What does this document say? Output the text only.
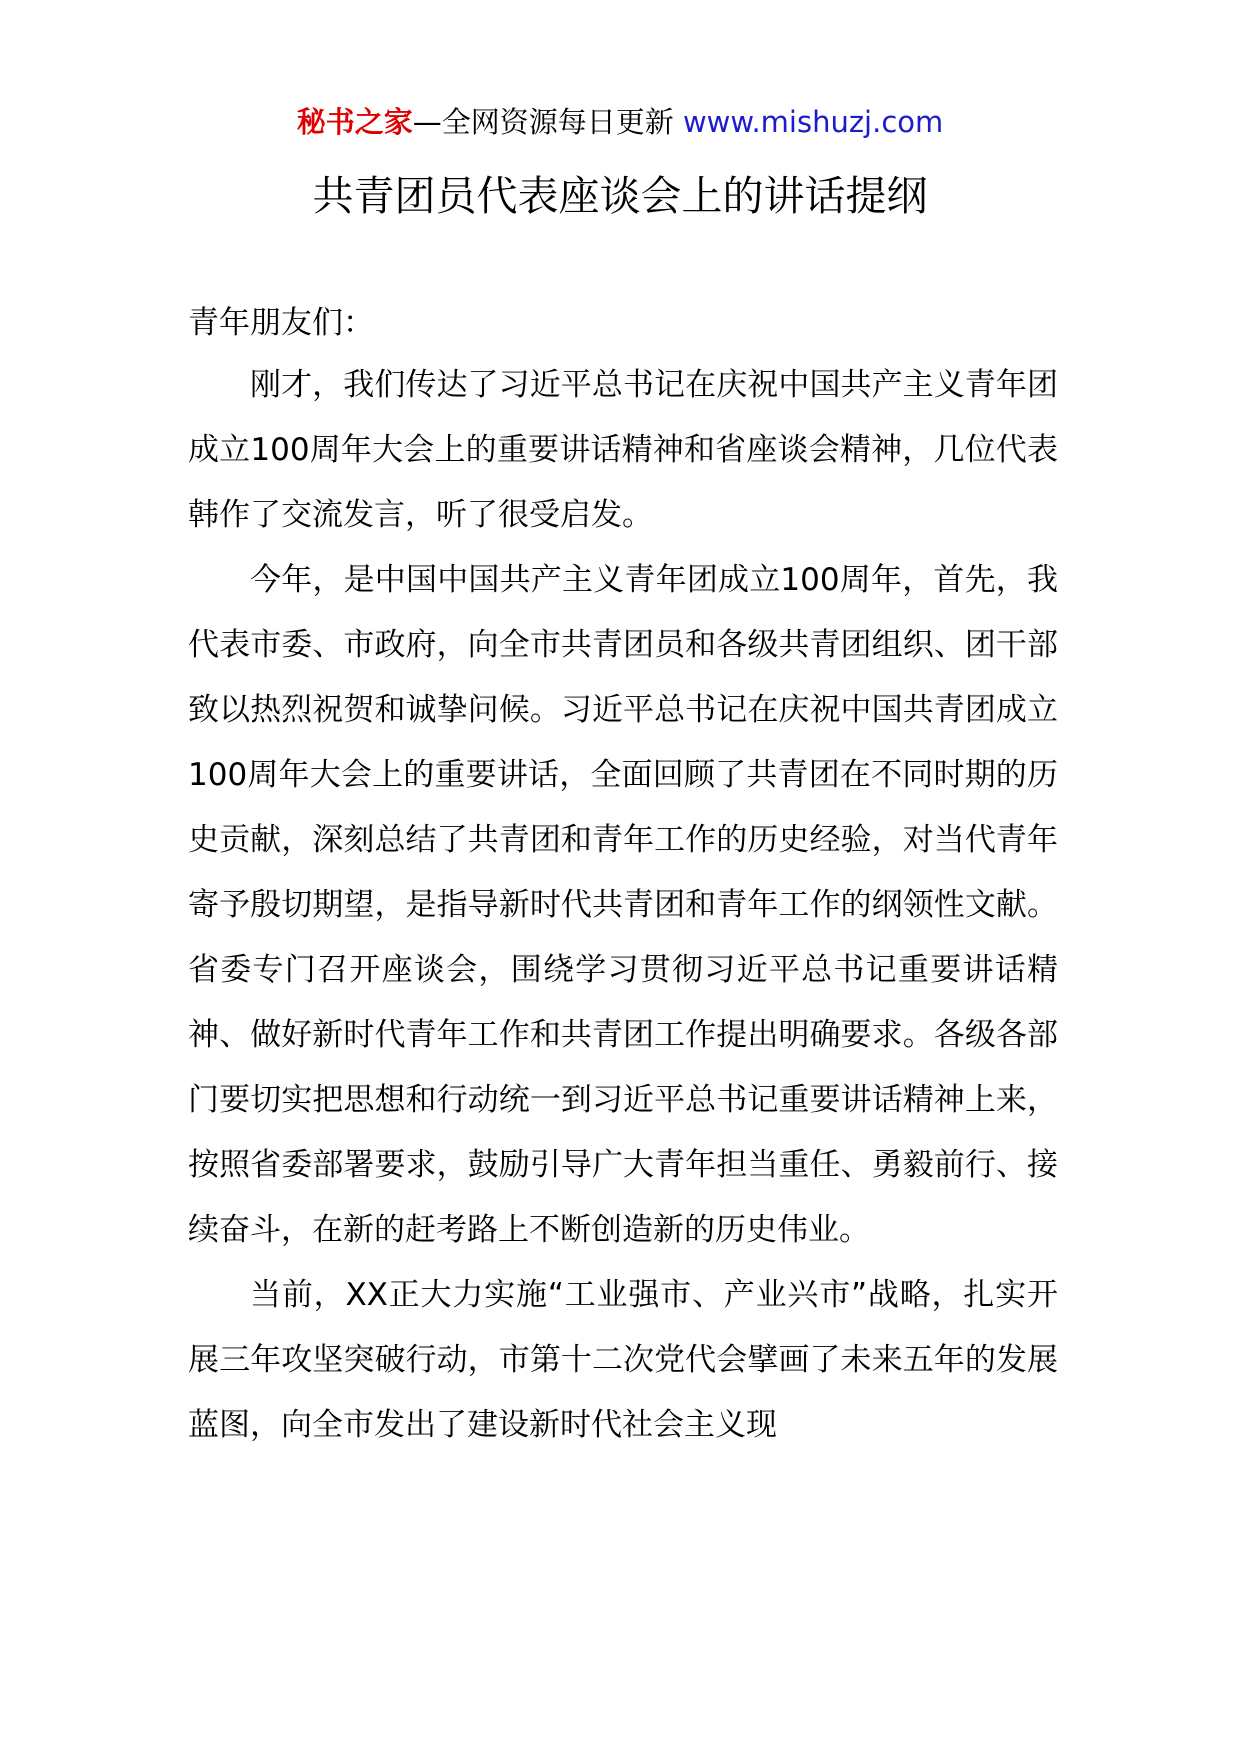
秘书之家—全网资源每日更新 www.mishuzj.com
共青团员代表座谈会上的讲话提纲

青年朋友们：

刚才，我们传达了习近平总书记在庆祝中国共产主义青年团成立100周年大会上的重要讲话精神和省座谈会精神，几位代表韩作了交流发言，听了很受启发。

今年，是中国中国共产主义青年团成立100周年，首先，我代表市委、市政府，向全市共青团员和各级共青团组织、团干部致以热烈祝贺和诚挚问候。习近平总书记在庆祝中国共青团成立100周年大会上的重要讲话，全面回顾了共青团在不同时期的历史贡献，深刻总结了共青团和青年工作的历史经验，对当代青年寄予殷切期望，是指导新时代共青团和青年工作的纲领性文献。省委专门召开座谈会，围绕学习贯彻习近平总书记重要讲话精神、做好新时代青年工作和共青团工作提出明确要求。各级各部门要切实把思想和行动统一到习近平总书记重要讲话精神上来，按照省委部署要求，鼓励引导广大青年担当重任、勇毅前行、接续奋斗，在新的赶考路上不断创造新的历史伟业。

当前，XX正大力实施“工业强市、产业兴市”战略，扎实开展三年攻坚突破行动，市第十二次党代会擘画了未来五年的发展蓝图，向全市发出了建设新时代社会主义现
